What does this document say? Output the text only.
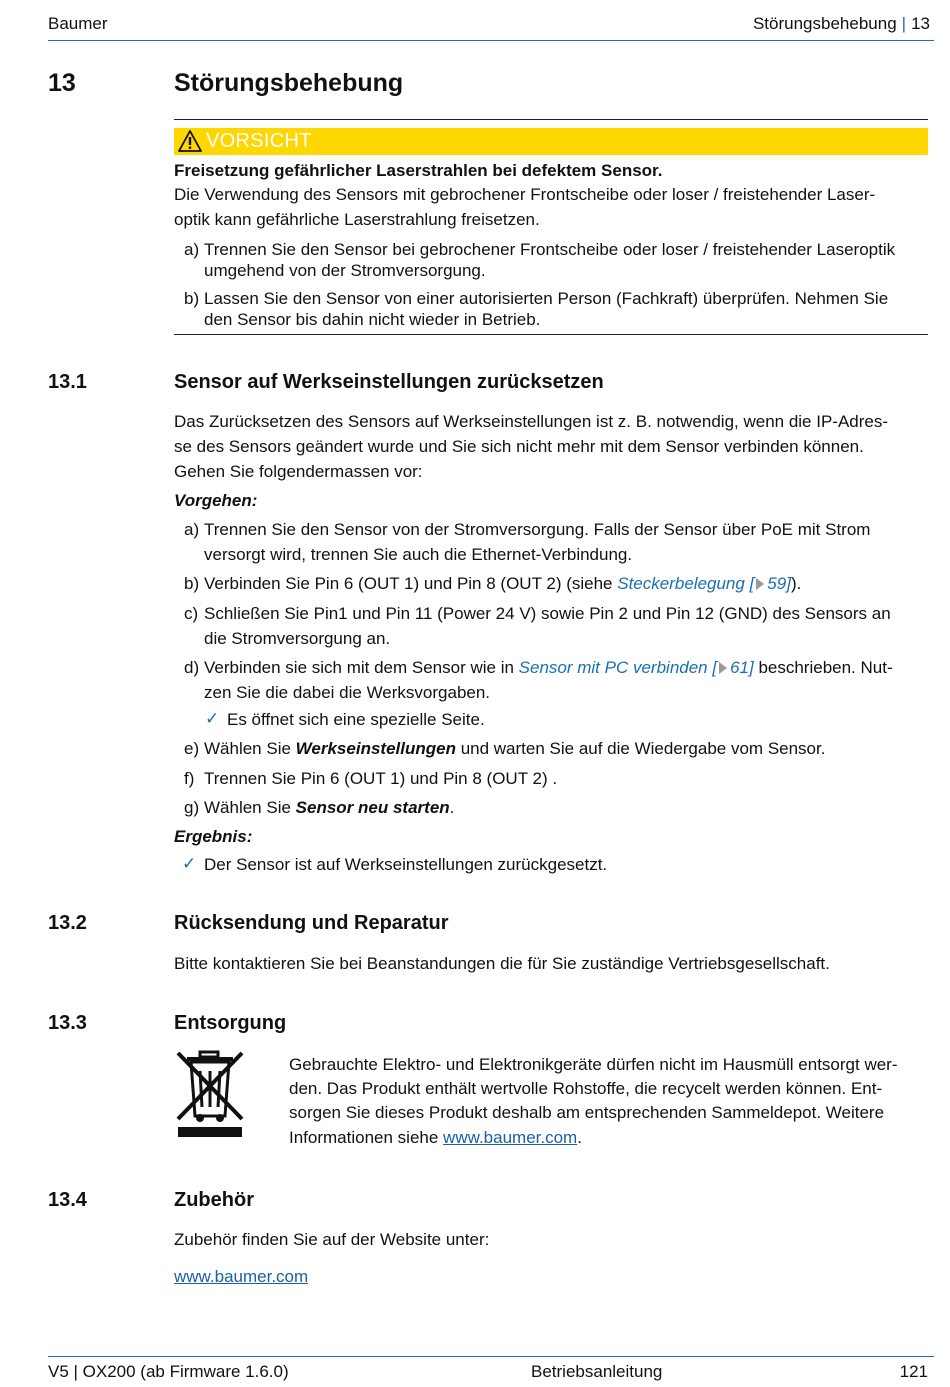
Baumer	Störungsbehebung | 13
13	Störungsbehebung
VORSICHT
Freisetzung gefährlicher Laserstrahlen bei defektem Sensor.
Die Verwendung des Sensors mit gebrochener Frontscheibe oder loser / freistehender Laser-
optik kann gefährliche Laserstrahlung freisetzen.
a) Trennen Sie den Sensor bei gebrochener Frontscheibe oder loser / freistehender Laseroptik
umgehend von der Stromversorgung.
b) Lassen Sie den Sensor von einer autorisierten Person (Fachkraft) überprüfen. Nehmen Sie
den Sensor bis dahin nicht wieder in Betrieb.
13.1	Sensor auf Werkseinstellungen zurücksetzen
Das Zurücksetzen des Sensors auf Werkseinstellungen ist z. B. notwendig, wenn die IP-Adres-
se des Sensors geändert wurde und Sie sich nicht mehr mit dem Sensor verbinden können.
Gehen Sie folgendermassen vor:
Vorgehen:
a) Trennen Sie den Sensor von der Stromversorgung. Falls der Sensor über PoE mit Strom
versorgt wird, trennen Sie auch die Ethernet-Verbindung.
b) Verbinden Sie Pin 6 (OUT 1) und Pin 8 (OUT 2) (siehe Steckerbelegung [ 59]).
c) Schließen Sie Pin1 und Pin 11 (Power 24 V) sowie Pin 2 und Pin 12 (GND) des Sensors an
die Stromversorgung an.
d) Verbinden sie sich mit dem Sensor wie in Sensor mit PC verbinden [ 61] beschrieben. Nut-
zen Sie die dabei die Werksvorgaben.
✓ Es öffnet sich eine spezielle Seite.
e) Wählen Sie Werkseinstellungen und warten Sie auf die Wiedergabe vom Sensor.
f) Trennen Sie Pin 6 (OUT 1) und Pin 8 (OUT 2) .
g) Wählen Sie Sensor neu starten.
Ergebnis:
✓ Der Sensor ist auf Werkseinstellungen zurückgesetzt.
13.2	Rücksendung und Reparatur
Bitte kontaktieren Sie bei Beanstandungen die für Sie zuständige Vertriebsgesellschaft.
13.3	Entsorgung
Gebrauchte Elektro- und Elektronikgeräte dürfen nicht im Hausmüll entsorgt wer-
den. Das Produkt enthält wertvolle Rohstoffe, die recycelt werden können. Ent-
sorgen Sie dieses Produkt deshalb am entsprechenden Sammeldepot. Weitere
Informationen siehe www.baumer.com.
13.4	Zubehör
Zubehör finden Sie auf der Website unter:
www.baumer.com
V5 | OX200 (ab Firmware 1.6.0)	Betriebsanleitung	121
